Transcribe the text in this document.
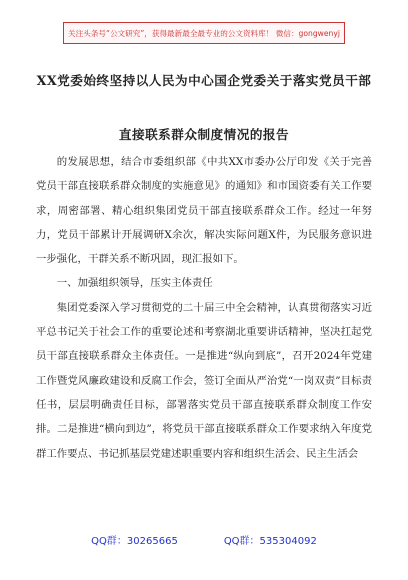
关注头条号“公文研究”，获得最新最全最专业的公文资料库！ 微信：gongwenyj
XX党委始终坚持以人民为中心国企党委关于落实党员干部
直接联系群众制度情况的报告

的发展思想，结合市委组织部《中共XX市委办公厅印发《关于完善党员干部直接联系群众制度的实施意见》的通知》和市国资委有关工作要求，周密部署、精心组织集团党员干部直接联系群众工作。经过一年努力，党员干部累计开展调研X余次，解决实际问题X件，为民服务意识进一步强化，干群关系不断巩固，现汇报如下。

一、加强组织领导，压实主体责任

集团党委深入学习贯彻党的二十届三中全会精神，认真贯彻落实习近平总书记关于社会工作的重要论述和考察湖北重要讲话精神，坚决扛起党员干部直接联系群众主体责任。一是推进“纵向到底”，召开2024年党建工作暨党风廉政建设和反腐工作会，签订全面从严治党“一岗双责”目标责任书，层层明确责任目标，部署落实党员干部直接联系群众制度工作安排。二是推进“横向到边”，将党员干部直接联系群众工作要求纳入年度党群工作要点、书记抓基层党建述职重要内容和组织生活会、民主生活会

QQ群：30265665	QQ群：535304092
